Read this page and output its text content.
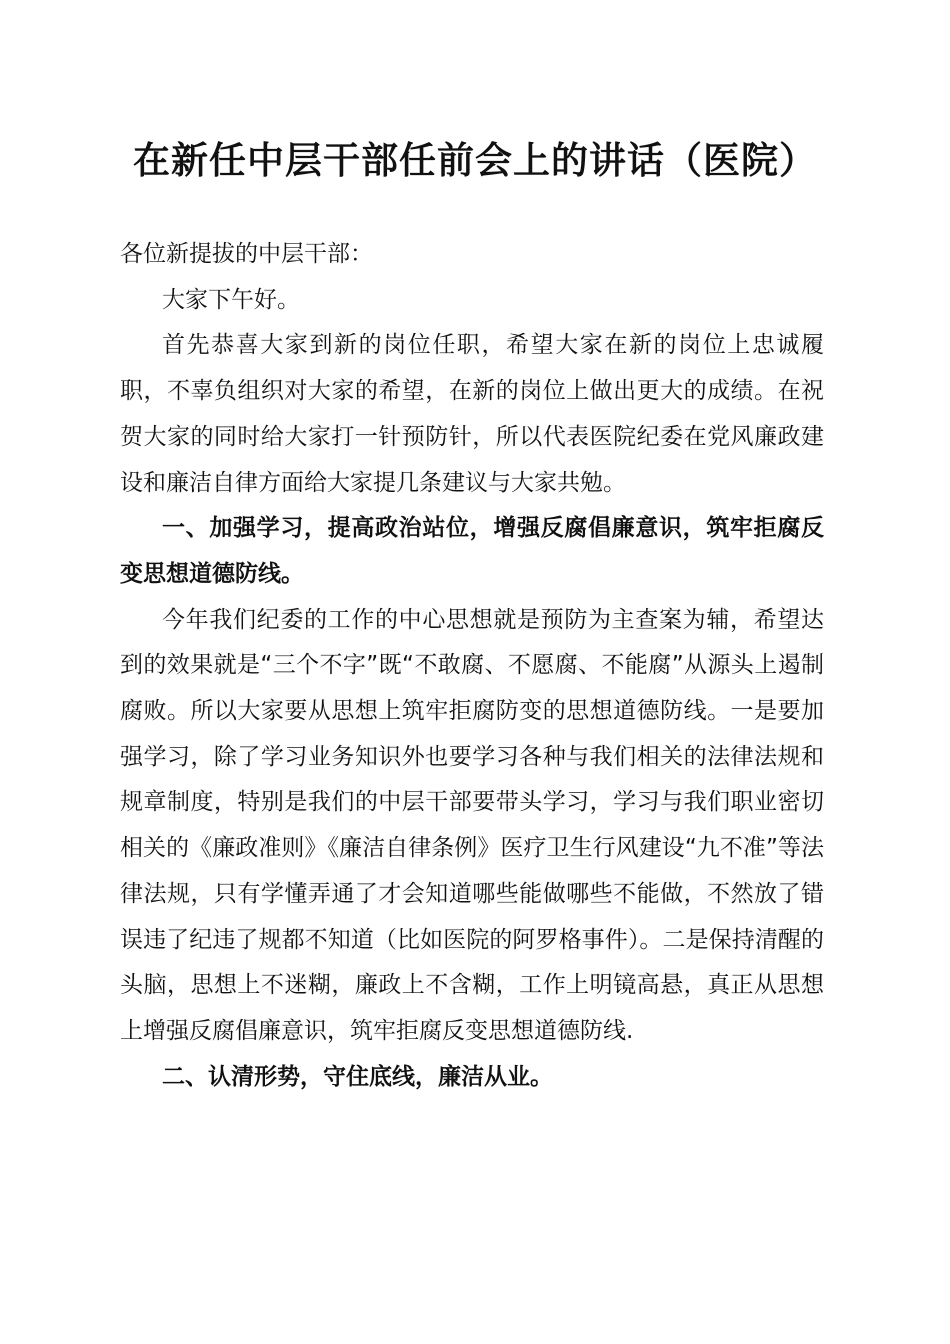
在新任中层干部任前会上的讲话（医院）

各位新提拔的中层干部：

大家下午好。

首先恭喜大家到新的岗位任职，希望大家在新的岗位上忠诚履职，不辜负组织对大家的希望，在新的岗位上做出更大的成绩。在祝贺大家的同时给大家打一针预防针，所以代表医院纪委在党风廉政建设和廉洁自律方面给大家提几条建议与大家共勉。

一、加强学习，提高政治站位，增强反腐倡廉意识，筑牢拒腐反变思想道德防线。

今年我们纪委的工作的中心思想就是预防为主查案为辅，希望达到的效果就是“三个不字”既“不敢腐、不愿腐、不能腐”从源头上遏制腐败。所以大家要从思想上筑牢拒腐防变的思想道德防线。一是要加强学习，除了学习业务知识外也要学习各种与我们相关的法律法规和规章制度，特别是我们的中层干部要带头学习，学习与我们职业密切相关的《廉政准则》《廉洁自律条例》医疗卫生行风建设“九不准”等法律法规，只有学懂弄通了才会知道哪些能做哪些不能做，不然放了错误违了纪违了规都不知道（比如医院的阿罗格事件）。二是保持清醒的头脑，思想上不迷糊，廉政上不含糊，工作上明镜高悬，真正从思想上增强反腐倡廉意识，筑牢拒腐反变思想道德防线.

二、认清形势，守住底线，廉洁从业。
